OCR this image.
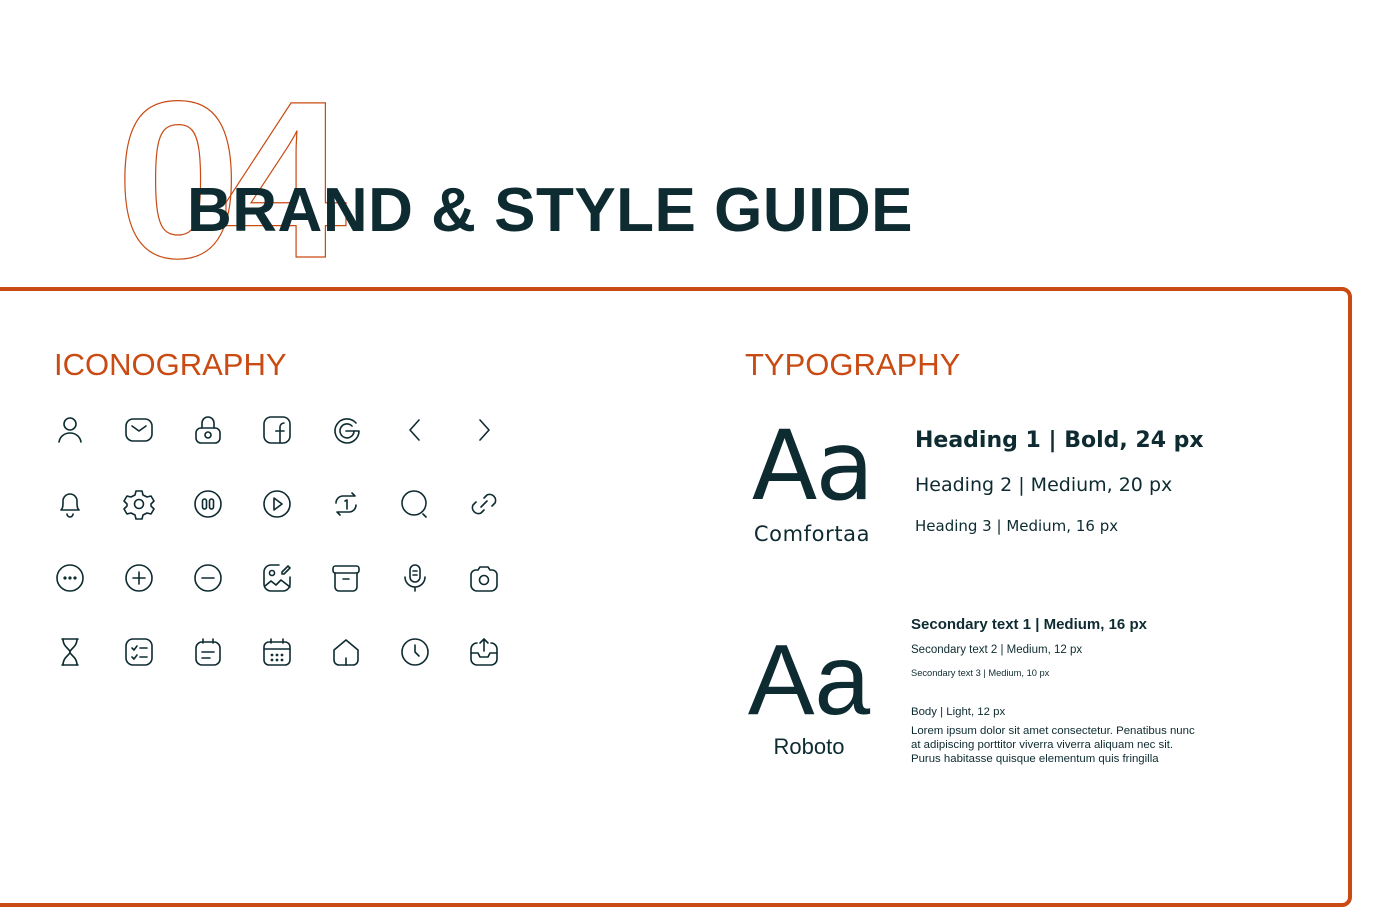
04
BRAND & STYLE GUIDE
ICONOGRAPHY	TYPOGRAPHY
Aa
Comfortaa

Heading 1 | Bold, 24 px

Heading 2 | Medium, 20 px

Heading 3 | Medium, 16 px

Aa
Roboto

Secondary text 1 | Medium, 16 px

Secondary text 2 | Medium, 12 px

Secondary text 3 | Medium, 10 px

Body | Light, 12 px

Lorem ipsum dolor sit amet consectetur. Penatibus nunc at adipiscing porttitor viverra viverra aliquam nec sit. Purus habitasse quisque elementum quis fringilla
